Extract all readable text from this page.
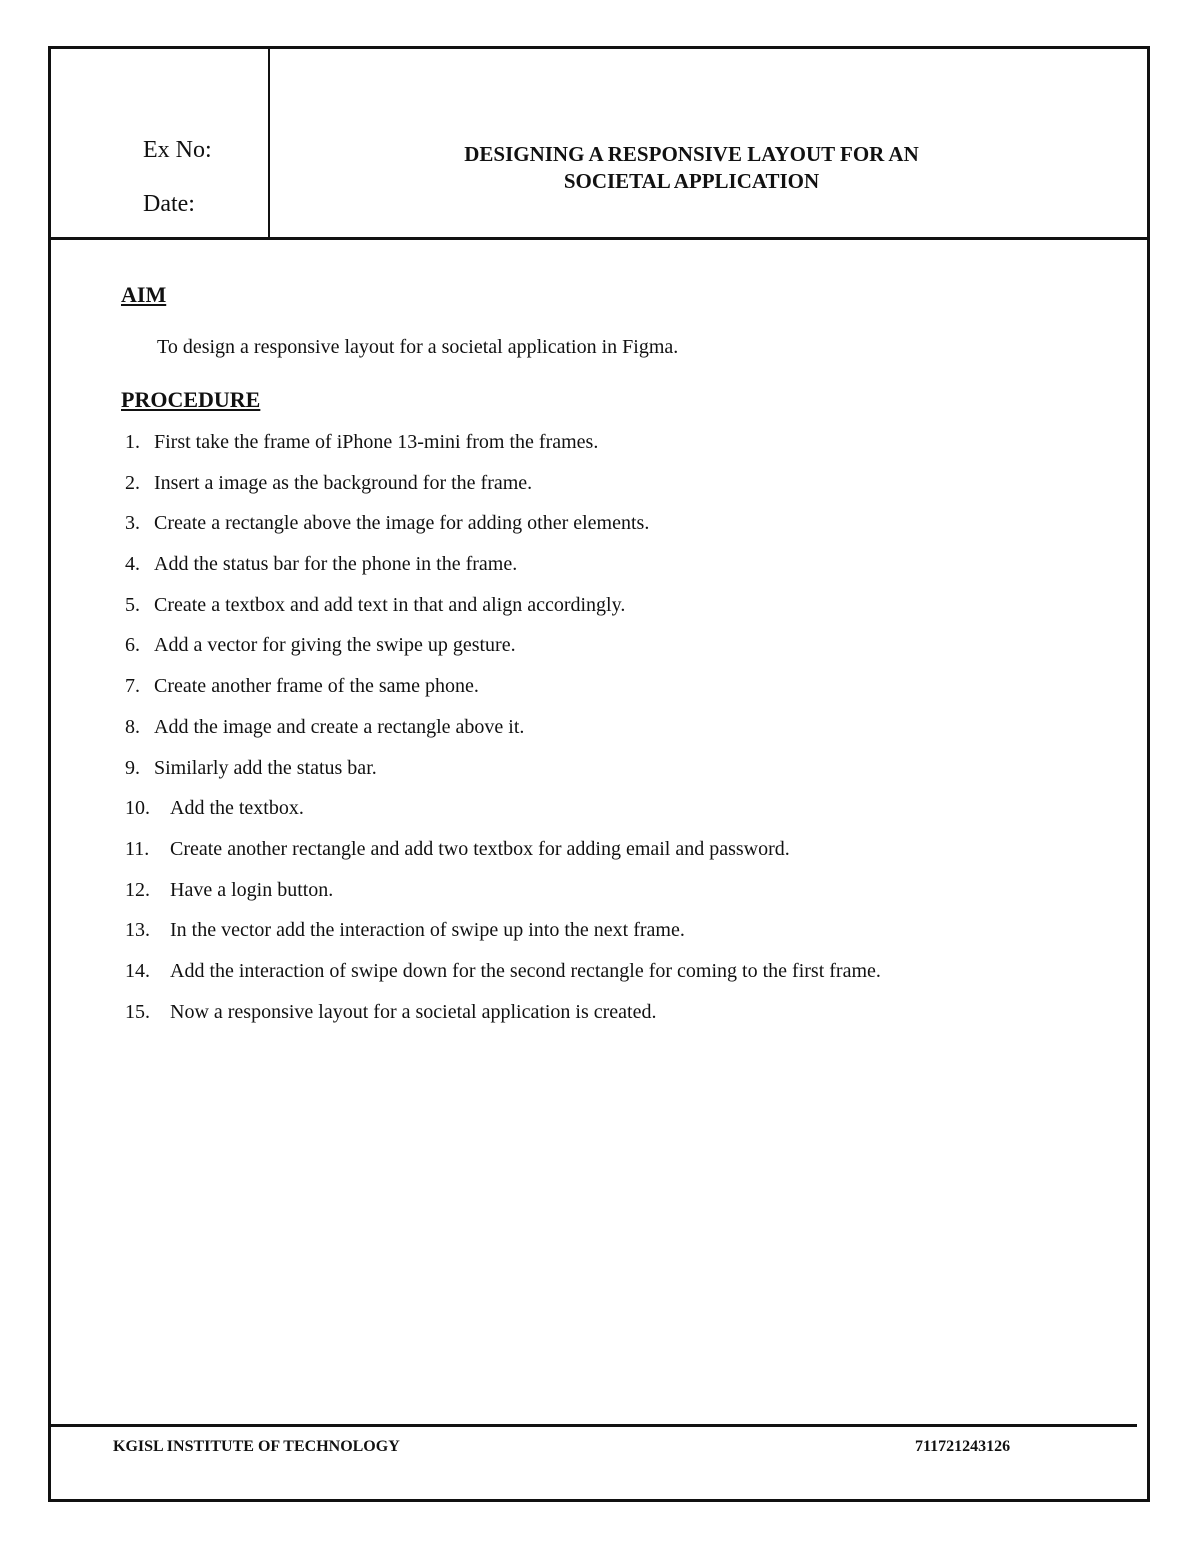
Ex No:
Date:
DESIGNING A RESPONSIVE LAYOUT FOR AN
SOCIETAL APPLICATION
AIM
To design a responsive layout for a societal application in Figma.
PROCEDURE
1. First take the frame of iPhone 13-mini from the frames.
2. Insert a image as the background for the frame.
3. Create a rectangle above the image for adding other elements.
4. Add the status bar for the phone in the frame.
5. Create a textbox and add text in that and align accordingly.
6. Add a vector for giving the swipe up gesture.
7. Create another frame of the same phone.
8. Add the image and create a rectangle above it.
9. Similarly add the status bar.
10. Add the textbox.
11. Create another rectangle and add two textbox for adding email and password.
12. Have a login button.
13. In the vector add the interaction of swipe up into the next frame.
14. Add the interaction of swipe down for the second rectangle for coming to the first frame.
15. Now a responsive layout for a societal application is created.
KGISL INSTITUTE OF TECHNOLOGY	711721243126
